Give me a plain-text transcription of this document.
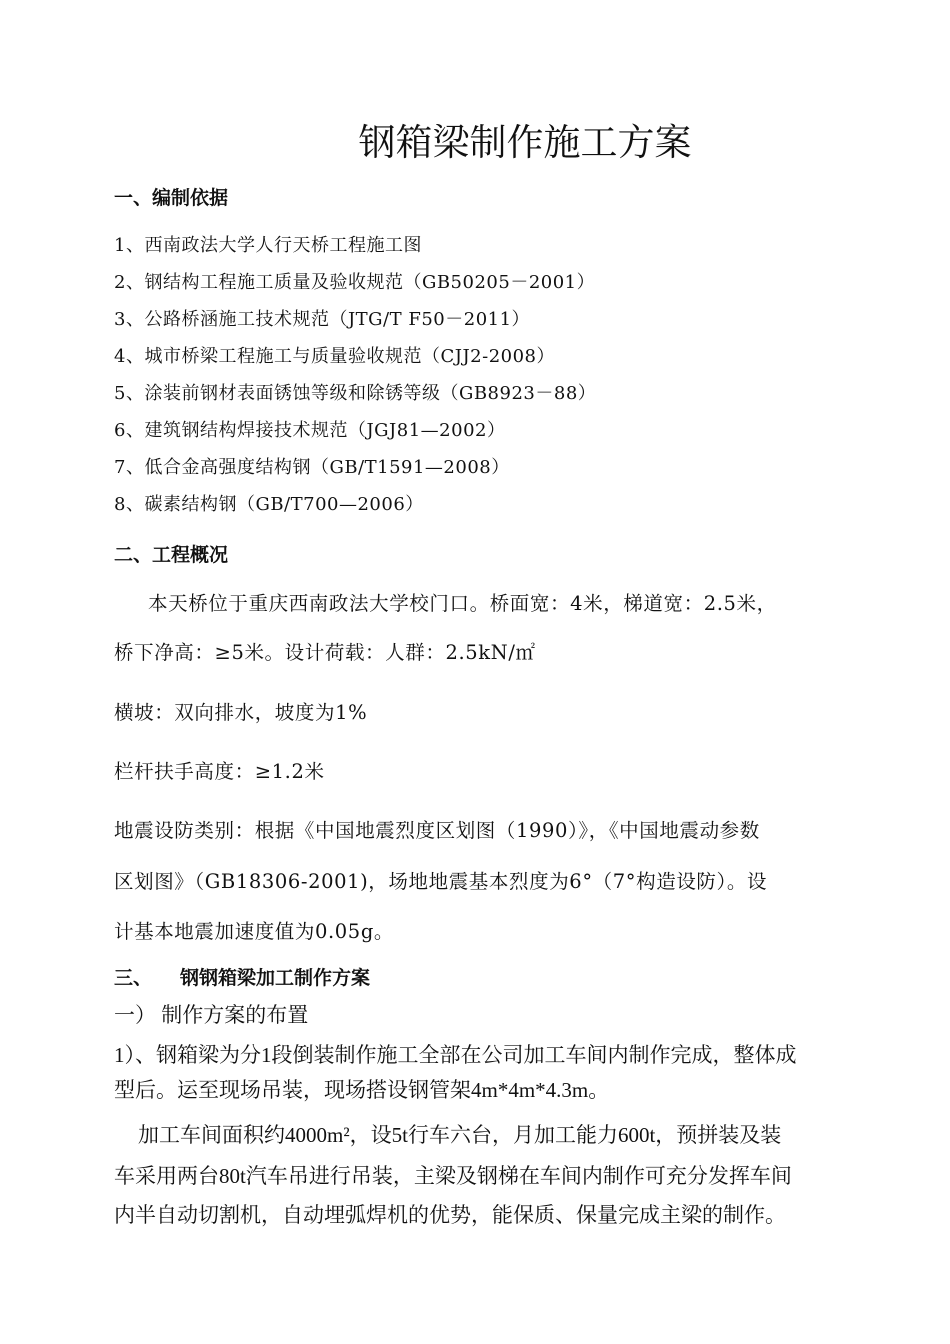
钢箱梁制作施工方案
一、编制依据
1、西南政法大学人行天桥工程施工图
2、钢结构工程施工质量及验收规范（GB50205－2001）
3、公路桥涵施工技术规范（JTG/T F50－2011）
4、城市桥梁工程施工与质量验收规范（CJJ2-2008）
5、涂装前钢材表面锈蚀等级和除锈等级（GB8923－88）
6、建筑钢结构焊接技术规范（JGJ81—2002）
7、低合金高强度结构钢（GB/T1591—2008）
8、碳素结构钢（GB/T700—2006）
二、工程概况
本天桥位于重庆西南政法大学校门口。桥面宽：4米，梯道宽：2.5米，
桥下净高：≥5米。设计荷载：人群：2.5kN/㎡
横坡：双向排水，坡度为1%
栏杆扶手高度：≥1.2米
地震设防类别：根据《中国地震烈度区划图（1990）》，《中国地震动参数
区划图》（GB18306-2001)，场地地震基本烈度为6°（7°构造设防）。设
计基本地震加速度值为0.05g。
三、 钢钢箱梁加工制作方案
一） 制作方案的布置
1）、钢箱梁为分1段倒装制作施工全部在公司加工车间内制作完成，整体成
型后。运至现场吊装，现场搭设钢管架4m*4m*4.3m。
加工车间面积约4000m²，设5t行车六台，月加工能力600t，预拼装及装
车采用两台80t汽车吊进行吊装，主梁及钢梯在车间内制作可充分发挥车间
内半自动切割机，自动埋弧焊机的优势，能保质、保量完成主梁的制作。
